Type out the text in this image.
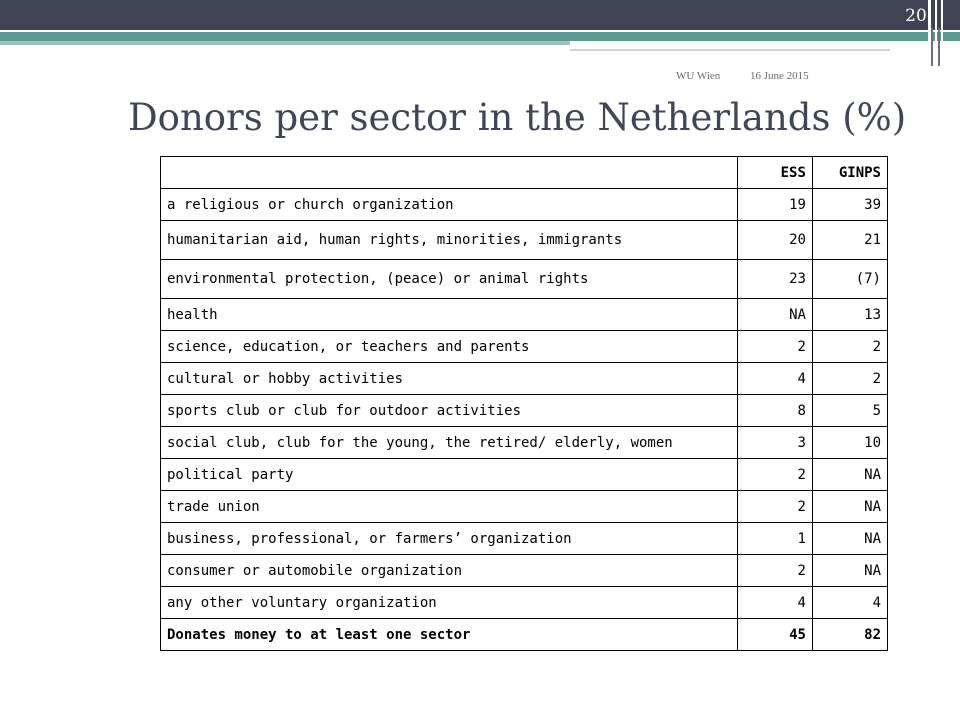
20
WU Wien	16 June 2015
Donors per sector in the Netherlands (%)
	ESS	GINPS
a religious or church organization	19	39
humanitarian aid, human rights, minorities, immigrants	20	21
environmental protection, (peace) or animal rights	23	(7)
health	NA	13
science, education, or teachers and parents	2	2
cultural or hobby activities	4	2
sports club or club for outdoor activities	8	5
social club, club for the young, the retired/ elderly, women	3	10
political party	2	NA
trade union	2	NA
business, professional, or farmers’ organization	1	NA
consumer or automobile organization	2	NA
any other voluntary organization	4	4
Donates money to at least one sector	45	82
